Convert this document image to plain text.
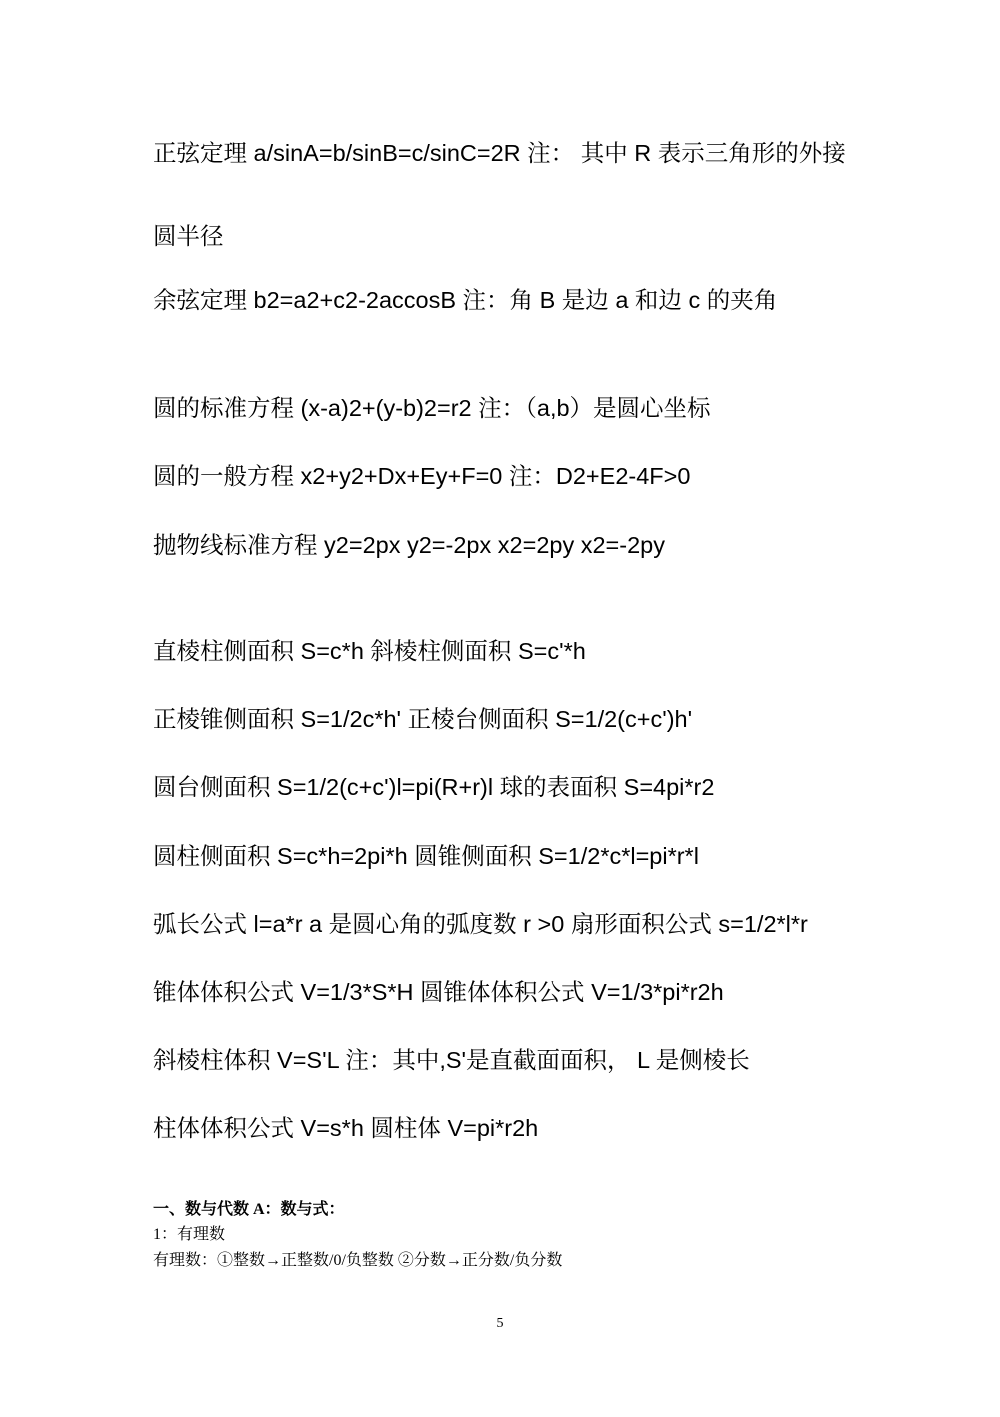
正弦定理 a/sinA=b/sinB=c/sinC=2R 注： 其中 R 表示三角形的外接
圆半径
余弦定理 b2=a2+c2-2accosB 注：角 B 是边 a 和边 c 的夹角
圆的标准方程 (x-a)2+(y-b)2=r2 注：（a,b）是圆心坐标
圆的一般方程 x2+y2+Dx+Ey+F=0 注：D2+E2-4F>0
抛物线标准方程 y2=2px y2=-2px x2=2py x2=-2py
直棱柱侧面积 S=c*h 斜棱柱侧面积 S=c'*h
正棱锥侧面积 S=1/2c*h' 正棱台侧面积 S=1/2(c+c')h'
圆台侧面积 S=1/2(c+c')l=pi(R+r)l 球的表面积 S=4pi*r2
圆柱侧面积 S=c*h=2pi*h 圆锥侧面积 S=1/2*c*l=pi*r*l
弧长公式 l=a*r a 是圆心角的弧度数 r >0 扇形面积公式 s=1/2*l*r
锥体体积公式 V=1/3*S*H 圆锥体体积公式 V=1/3*pi*r2h
斜棱柱体积 V=S'L 注：其中,S'是直截面面积， L 是侧棱长
柱体体积公式 V=s*h 圆柱体 V=pi*r2h
一、数与代数 A：数与式：
1：有理数
有理数：①整数→正整数/0/负整数 ②分数→正分数/负分数
5
